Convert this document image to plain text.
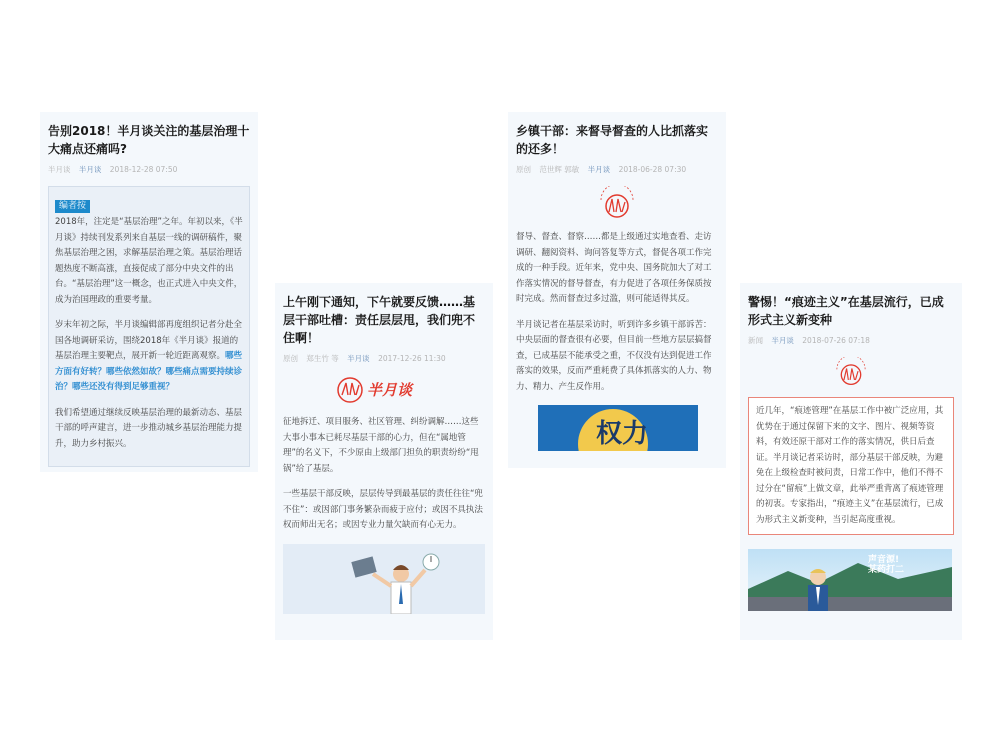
告别2018！半月谈关注的基层治理十大痛点还痛吗?
半月谈 半月谈 2018-12-28 07:50
编者按

2018年，注定是“基层治理”之年。年初以来，《半月谈》持续刊发系列来自基层一线的调研稿件，聚焦基层治理之困，求解基层治理之策。基层治理话题热度不断高涨，直接促成了部分中央文件的出台。“基层治理”这一概念，也正式进入中央文件，成为治国理政的重要考量。

岁末年初之际，半月谈编辑部再度组织记者分赴全国各地调研采访，围绕2018年《半月谈》报道的基层治理主要靶点，展开新一轮近距离观察。哪些方面有好转？哪些依然如故？哪些痛点需要持续诊治？哪些还没有得到足够重视？

我们希望通过继续反映基层治理的最新动态、基层干部的呼声建言，进一步推动城乡基层治理能力提升，助力乡村振兴。

上午刚下通知，下午就要反馈……基层干部吐槽：责任层层甩，我们兜不住啊！
原创 郑生竹 等 半月谈 2017-12-26 11:30
半月谈

征地拆迁、项目服务、社区管理、纠纷调解……这些大事小事本已耗尽基层干部的心力，但在“属地管理”的名义下，不少原由上级部门担负的职责纷纷“甩锅”给了基层。

一些基层干部反映，层层传导到最基层的责任往往“兜不住”：或因部门事务繁杂而疲于应付；或因不具执法权而师出无名；或因专业力量欠缺而有心无力。

乡镇干部：来督导督查的人比抓落实的还多！
原创 范世辉 郭敏 半月谈 2018-06-28 07:30

督导、督查、督察……都是上级通过实地查看、走访调研、翻阅资料、询问答复等方式，督促各项工作完成的一种手段。近年来，党中央、国务院加大了对工作落实情况的督导督查，有力促进了各项任务保质按时完成。然而督查过多过滥，则可能适得其反。

半月谈记者在基层采访时，听到许多乡镇干部诉苦：中央层面的督查很有必要，但目前一些地方层层搞督查，已成基层不能承受之重，不仅没有达到促进工作落实的效果，反而严重耗费了具体抓落实的人力、物力、精力、产生反作用。

权力
警惕！“痕迹主义”在基层流行，已成形式主义新变种
新闻 半月谈 2018-07-26 07:18
近几年，“痕迹管理”在基层工作中被广泛应用，其优势在于通过保留下来的文字、图片、视频等资料，有效还原干部对工作的落实情况，供日后查证。半月谈记者采访时，部分基层干部反映，为避免在上级检查时被问责，日常工作中，他们不得不过分在“留痕”上做文章，此举严重背离了痕迹管理的初衷。专家指出，“痕迹主义”在基层流行，已成为形式主义新变种，当引起高度重视。
声音源! 某药打二
